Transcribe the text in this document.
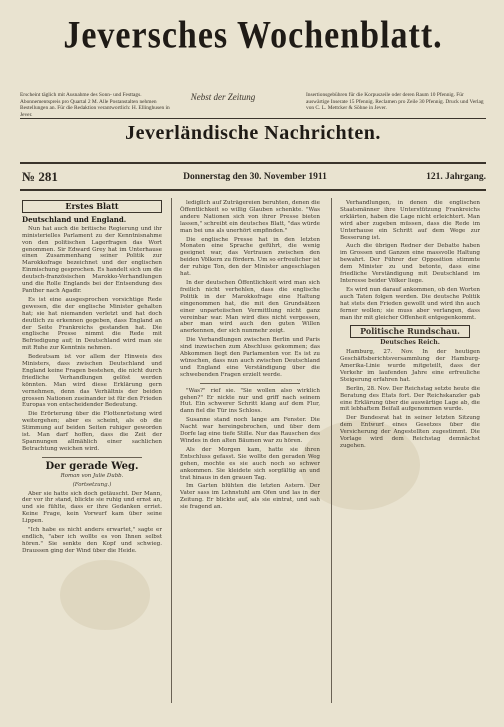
Jeversches Wochenblatt.
Erscheint täglich mit Ausnahme des Sonn- und Festtags. Abonnementspreis pro Quartal 2 M. Alle Postanstalten nehmen Bestellungen an. Für die Redaktion verantwortlich: H. Ellinghusen in Jever.
Nebst der Zeitung	Insertionsgebühren für die Korpuszeile oder deren Raum 10 Pfennig. Für auswärtige Inserate 15 Pfennig. Reclamen pro Zeile 30 Pfennig. Druck und Verlag von C. L. Mettcker & Söhne in Jever.
Jeverländische Nachrichten.
№ 281	Donnerstag den 30. November 1911	121. Jahrgang.
Erstes Blatt
Deutschland und England.

Nun hat auch die britische Regierung und ihr ministerielles Parlament zu der Kenntnisnahme von den politischen Lagerfragen das Wort genommen. Sir Edward Grey hat im Unterhause einen Zusammenhang seiner Politik zur Marokkofrage bezeichnet und der englischen Einmischung gesprochen. Es handelt sich um die deutsch-französischen Marokko-Verhandlungen und die Rolle Englands bei der Entsendung des Panther nach Agadir.

Es ist eine ausgesprochen vorsichtige Rede gewesen, die der englische Minister gehalten hat; sie hat niemanden verletzt und hat doch deutlich zu erkennen gegeben, dass England an der Seite Frankreichs gestanden hat. Die englische Presse nimmt die Rede mit Befriedigung auf; in Deutschland wird man sie mit Ruhe zur Kenntnis nehmen.

Bedeutsam ist vor allem der Hinweis des Ministers, dass zwischen Deutschland und England keine Fragen bestehen, die nicht durch friedliche Verhandlungen gelöst werden könnten. Man wird diese Erklärung gern vernehmen, denn das Verhältnis der beiden grossen Nationen zueinander ist für den Frieden Europas von entscheidender Bedeutung.

Die Erörterung über die Flottenrüstung wird weitergehen; aber es scheint, als ob die Stimmung auf beiden Seiten ruhiger geworden ist. Man darf hoffen, dass die Zeit der Spannungen allmählich einer sachlichen Betrachtung weichen wird.

Der gerade Weg.
Roman von Julie Dubb.
(Fortsetzung.)

Aber sie hatte sich doch getäuscht. Der Mann, der vor ihr stand, blickte sie ruhig und ernst an, und sie fühlte, dass er ihre Gedanken erriet. Keine Frage, kein Vorwurf kam über seine Lippen.

"Ich habe es nicht anders erwartet," sagte er endlich, "aber ich wollte es von Ihnen selbst hören." Sie senkte den Kopf und schwieg. Draussen ging der Wind über die Heide.

lediglich auf Zuträgereien beruhten, denen die Öffentlichkeit so willig Glauben schenkte. "Was andere Nationen sich von ihrer Presse bieten lassen," schreibt ein deutsches Blatt, "das würde man bei uns als unerhört empfinden."

Die englische Presse hat in den letzten Monaten eine Sprache geführt, die wenig geeignet war, das Vertrauen zwischen den beiden Völkern zu fördern. Um so erfreulicher ist der ruhige Ton, den der Minister angeschlagen hat.

In der deutschen Öffentlichkeit wird man sich freilich nicht verhehlen, dass die englische Politik in der Marokkofrage eine Haltung eingenommen hat, die mit den Grundsätzen einer unparteiischen Vermittlung nicht ganz vereinbar war. Man wird dies nicht vergessen, aber man wird auch den guten Willen anerkennen, der sich nunmehr zeigt.

Die Verhandlungen zwischen Berlin und Paris sind inzwischen zum Abschluss gekommen; das Abkommen liegt den Parlamenten vor. Es ist zu wünschen, dass nun auch zwischen Deutschland und England eine Verständigung über die schwebenden Fragen erzielt werde.

"Was?" rief sie. "Sie wollen also wirklich gehen?" Er nickte nur und griff nach seinem Hut. Ein schwerer Schritt klang auf dem Flur, dann fiel die Tür ins Schloss.

Susanne stand noch lange am Fenster. Die Nacht war hereingebrochen, und über dem Dorfe lag eine tiefe Stille. Nur das Rauschen des Windes in den alten Bäumen war zu hören.

Als der Morgen kam, hatte sie ihren Entschluss gefasst. Sie wollte den geraden Weg gehen, mochte es sie auch noch so schwer ankommen. Sie kleidete sich sorgfältig an und trat hinaus in den grauen Tag.

Im Garten blühten die letzten Astern. Der Vater sass im Lehnstuhl am Ofen und las in der Zeitung. Er blickte auf, als sie eintrat, und sah sie fragend an.

Verhandlungen, in denen die englischen Staatsmänner ihre Unterstützung Frankreichs erklärten, haben die Lage nicht erleichtert. Man wird aber zugeben müssen, dass die Rede im Unterhause ein Schritt auf dem Wege zur Besserung ist.

Auch die übrigen Redner der Debatte haben im Grossen und Ganzen eine massvolle Haltung bewahrt. Der Führer der Opposition stimmte dem Minister zu und betonte, dass eine friedliche Verständigung mit Deutschland im Interesse beider Völker liege.

Es wird nun darauf ankommen, ob den Worten auch Taten folgen werden. Die deutsche Politik hat stets den Frieden gewollt und wird ihn auch ferner wollen; sie muss aber verlangen, dass man ihr mit gleicher Offenheit entgegenkommt.

Politische Rundschau.
Deutsches Reich.

Hamburg, 27. Nov. In der heutigen Geschäftsberichtsversammlung der Hamburg-Amerika-Linie wurde mitgeteilt, dass der Verkehr im laufenden Jahre eine erfreuliche Steigerung erfahren hat.

Berlin, 28. Nov. Der Reichstag setzte heute die Beratung des Etats fort. Der Reichskanzler gab eine Erklärung über die auswärtige Lage ab, die mit lebhaftem Beifall aufgenommen wurde.

Der Bundesrat hat in seiner letzten Sitzung dem Entwurf eines Gesetzes über die Versicherung der Angestellten zugestimmt. Die Vorlage wird dem Reichstag demnächst zugehen.
